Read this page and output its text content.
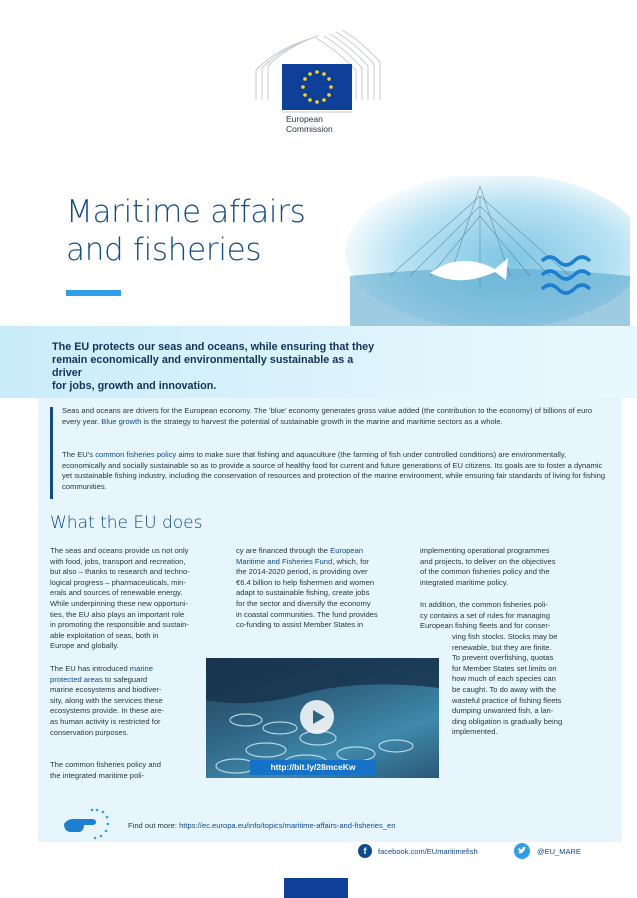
European
Commission
Maritime affairs
and fisheries
The EU protects our seas and oceans, while ensuring that they
remain economically and environmentally sustainable as a driver
for jobs, growth and innovation.
Seas and oceans are drivers for the European economy. The ‘blue’ economy generates gross value added (the contribution to the economy) of billions of euro every year. Blue growth is the strategy to harvest the potential of sustainable growth in the marine and maritime sectors as a whole.
The EU’s common fisheries policy aims to make sure that fishing and aquaculture (the farming of fish under controlled conditions) are environmentally, economically and socially sustainable so as to provide a source of healthy food for current and future generations of EU citizens. Its goals are to foster a dynamic yet sustainable fishing industry, including the conservation of resources and protection of the marine environment, while ensuring fair standards of living for fishing communities.
What the EU does
The seas and oceans provide us not only
with food, jobs, transport and recreation,
but also – thanks to research and techno-
logical progress – pharmaceuticals, min-
erals and sources of renewable energy.
While underpinning these new opportuni-
ties, the EU also plays an important role
in promoting the responsible and sustain-
able exploitation of seas, both in
Europe and globally.
The EU has introduced marine
protected areas to safeguard
marine ecosystems and biodiver-
sity, along with the services these
ecosystems provide. In these are-
as human activity is restricted for
conservation purposes.
The common fisheries policy and
the integrated maritime poli-
cy are financed through the European
Maritime and Fisheries Fund, which, for
the 2014-2020 period, is providing over
€6.4 billion to help fishermen and women
adapt to sustainable fishing, create jobs
for the sector and diversify the economy
in coastal communities. The fund provides
co-funding to assist Member States in
implementing operational programmes
and projects, to deliver on the objectives
of the common fisheries policy and the
integrated maritime policy.
In addition, the common fisheries poli-
cy contains a set of rules for managing
European fishing fleets and for conser-
ving fish stocks. Stocks may be
renewable, but they are finite.
To prevent overfishing, quotas
for Member States set limits on
how much of each species can
be caught. To do away with the
wasteful practice of fishing fleets
dumping unwanted fish, a lan-
ding obligation is gradually being
implemented.
http://bit.ly/28mceKw
Find out more: https://ec.europa.eu/info/topics/maritime-affairs-and-fisheries_en
f	facebook.com/EUmaritimefish	@EU_MARE
